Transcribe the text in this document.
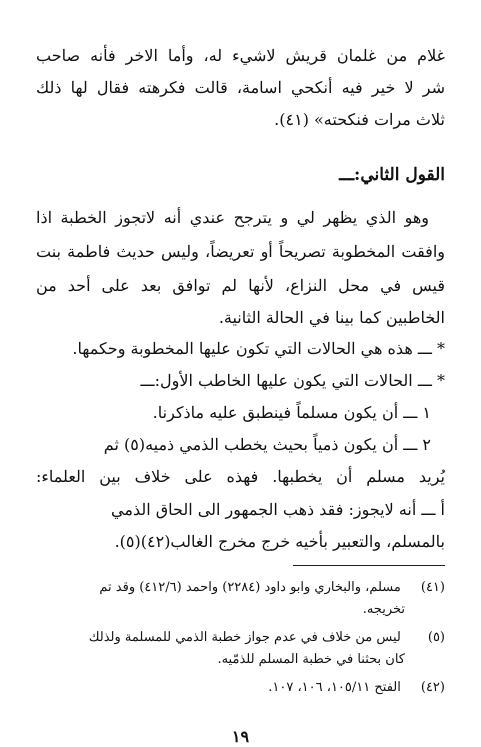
غلام من غلمان قريش لاشيء له، وأما الاخر فأنه صاحب
شر لا خير فيه أنكحي اسامة، قالت فكرهته فقال لها ذلك
ثلاث مرات فنكحته» (٤١).
القول الثاني:ـــ
وهو الذي يظهر لي و يترجح عندي أنه لاتجوز الخطبة اذا
وافقت المخطوبة تصريحاً أو تعريضاً، وليس حديث فاطمة بنت
قيس في محل النزاع، لأنها لم توافق بعد على أحد من
الخاطبين كما بينا في الحالة الثانية.
* ـــ هذه هي الحالات التي تكون عليها المخطوبة وحكمها.
* ـــ الحالات التي يكون عليها الخاطب الأول:ـــ
١ ـــ أن يكون مسلماً فينطبق عليه ماذكرنا.
٢ ـــ أن يكون ذمياً بحيث يخطب الذمي ذميه(٥) ثم
يُريد مسلم أن يخطبها. فهذه على خلاف بين العلماء:
أ ـــ أنه لايجوز: فقد ذهب الجمهور الى الحاق الذمي
بالمسلم، والتعبير بأخيه خرج مخرج الغالب(٤٢)(٥).
(٤١) مسلم، والبخاري وابو داود (٢٢٨٤) واحمد (٤١٢/٦) وقد تم
تخريجه.
(٥) ليس من خلاف في عدم جواز خطبة الذمي للمسلمة ولذلك
كان بحثنا في خطبة المسلم للذمّيه.
(٤٢) الفتح ١٠٥/١١، ١٠٦، ١٠٧.
١٩
